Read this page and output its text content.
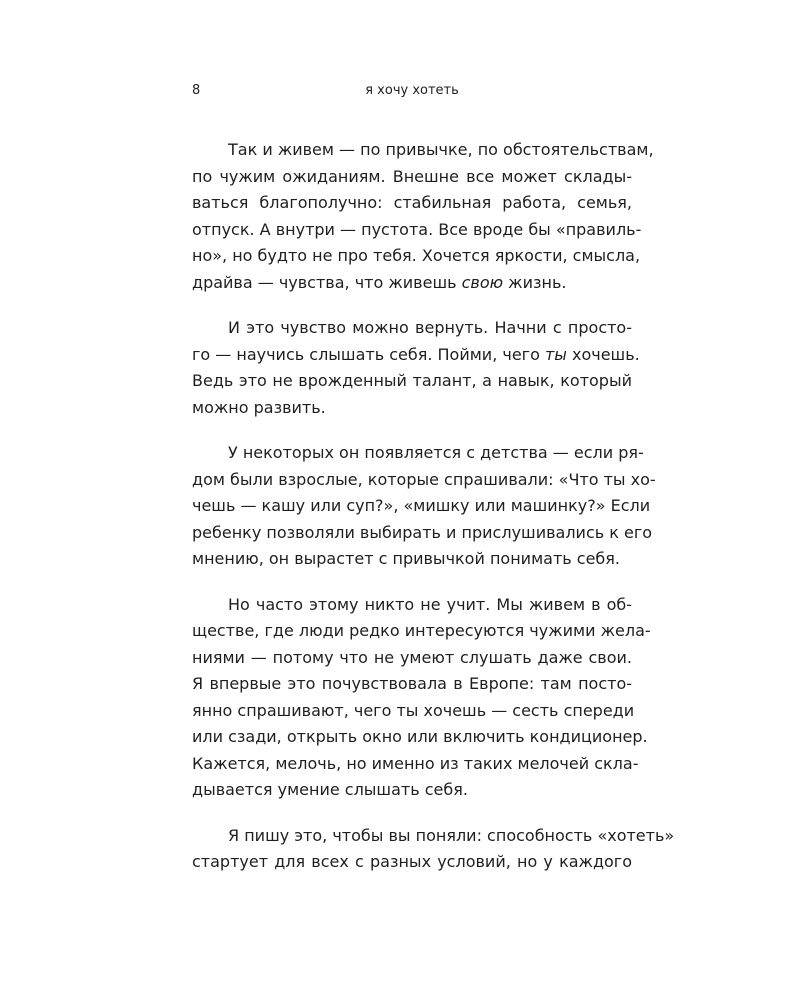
8	я хочу хотеть
Так и живем — по привычке, по обстоятельствам,
по чужим ожиданиям. Внешне все может склады-
ваться благополучно: стабильная работа, семья,
отпуск. А внутри — пустота. Все вроде бы «правиль-
но», но будто не про тебя. Хочется яркости, смысла,
драйва — чувства, что живешь свою жизнь.
И это чувство можно вернуть. Начни с просто-
го — научись слышать себя. Пойми, чего ты хочешь.
Ведь это не врожденный талант, а навык, который
можно развить.
У некоторых он появляется с детства — если ря-
дом были взрослые, которые спрашивали: «Что ты хо-
чешь — кашу или суп?», «мишку или машинку?» Если
ребенку позволяли выбирать и прислушивались к его
мнению, он вырастет с привычкой понимать себя.
Но часто этому никто не учит. Мы живем в об-
ществе, где люди редко интересуются чужими жела-
ниями — потому что не умеют слушать даже свои.
Я впервые это почувствовала в Европе: там посто-
янно спрашивают, чего ты хочешь — сесть спереди
или сзади, открыть окно или включить кондиционер.
Кажется, мелочь, но именно из таких мелочей скла-
дывается умение слышать себя.
Я пишу это, чтобы вы поняли: способность «хотеть»
стартует для всех с разных условий, но у каждого
